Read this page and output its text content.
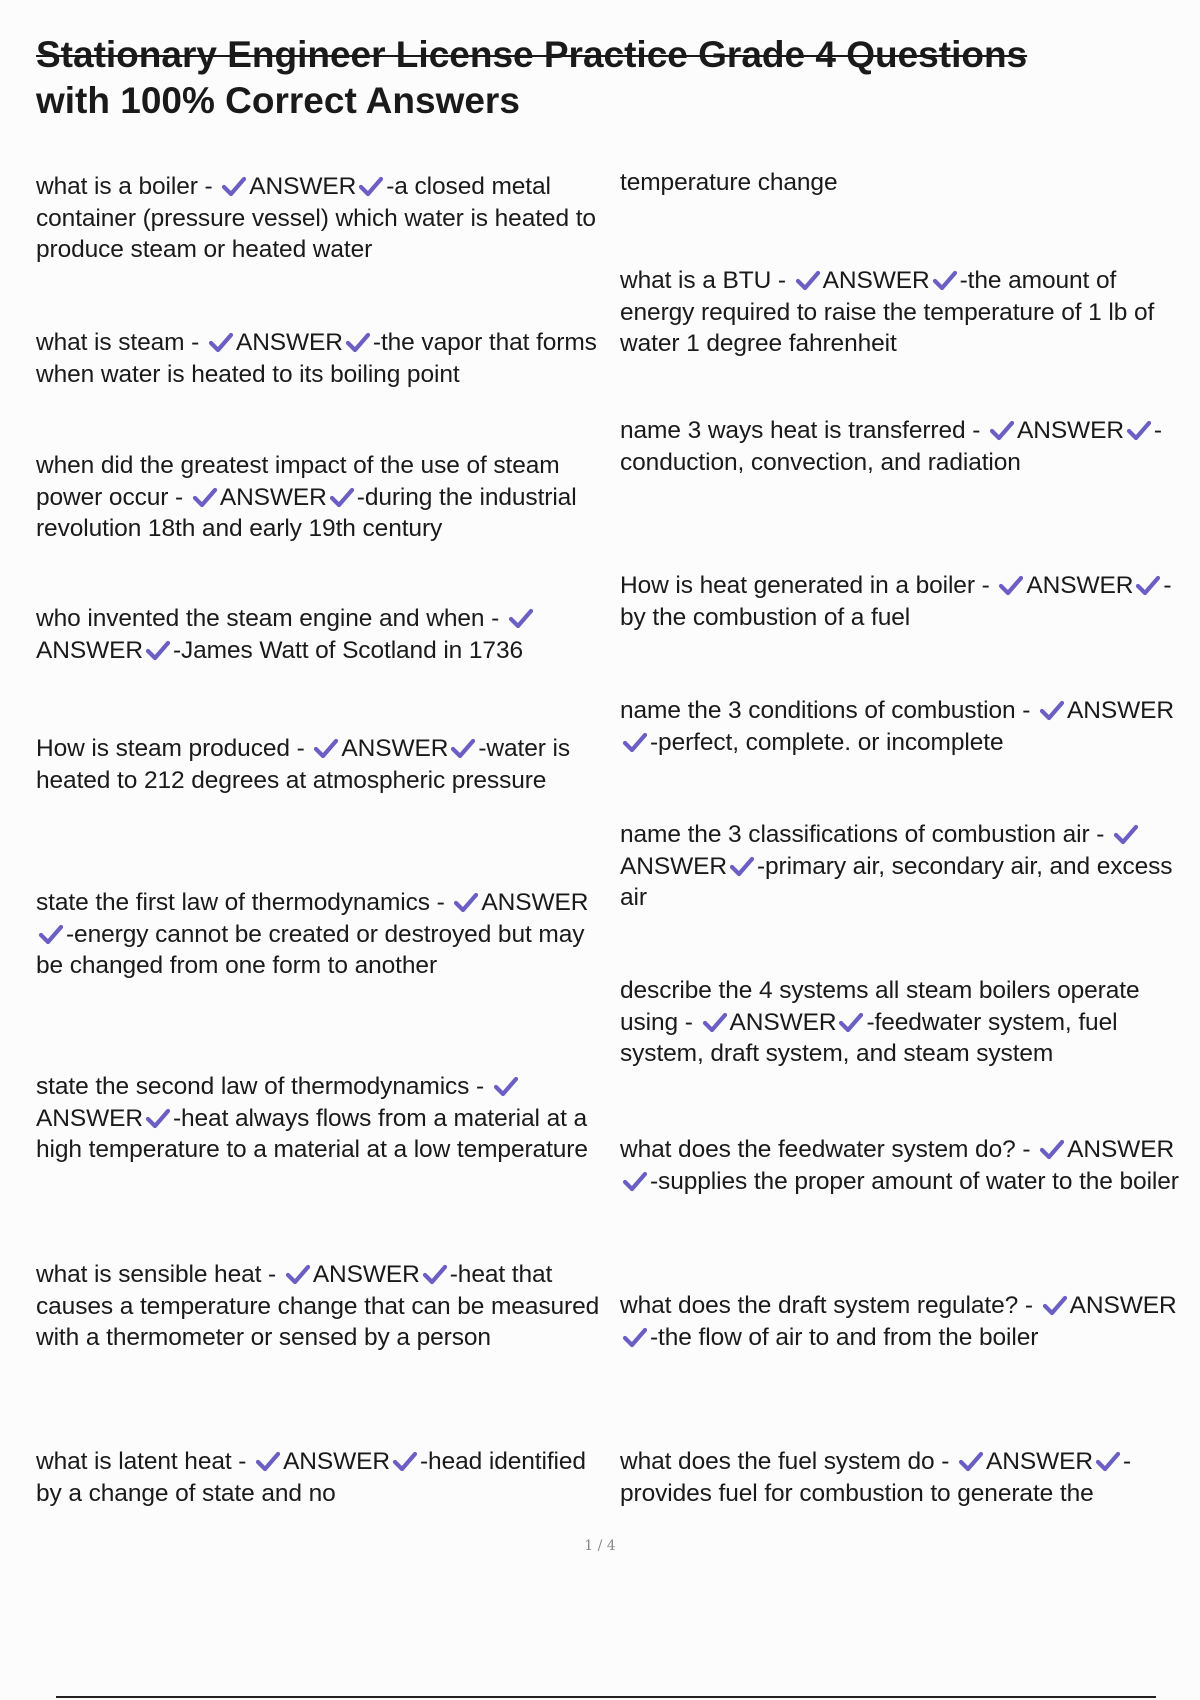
Stationary Engineer License Practice Grade 4 Questions
with 100% Correct Answers
what is a boiler -
ANSWER -a closed metal container (pressure vessel) which water is heated to produce steam or heated water
what is steam -
ANSWER -the vapor that forms when water is heated to its boiling point
when did the greatest impact of the use of steam power occur -
ANSWER -during the industrial revolution 18th and early 19th century
who invented the steam engine and when -
ANSWER -James Watt of Scotland in 1736
How is steam produced -
ANSWER -water is heated to 212 degrees at atmospheric pressure
state the first law of thermodynamics -
ANSWER
-energy cannot be created or destroyed but may be changed from one form to another
state the second law of thermodynamics -
ANSWER -heat always flows from a material at a high temperature to a material at a low temperature
what is sensible heat -
ANSWER -heat that causes a temperature change that can be measured with a thermometer or sensed by a person
what is latent heat -
ANSWER -head identified by a change of state and no
temperature change
what is a BTU -
ANSWER -the amount of energy required to raise the temperature of 1 lb of water 1 degree fahrenheit
name 3 ways heat is transferred -
ANSWER -conduction, convection, and radiation
How is heat generated in a boiler -
ANSWER -by the combustion of a fuel
name the 3 conditions of combustion -
ANSWER
-perfect, complete. or incomplete
name the 3 classifications of combustion air -
ANSWER -primary air, secondary air, and excess air
describe the 4 systems all steam boilers operate using -
ANSWER -feedwater system, fuel system, draft system, and steam system
what does the feedwater system do? -
ANSWER
-supplies the proper amount of water to the boiler
what does the draft system regulate? -
ANSWER
-the flow of air to and from the boiler
what does the fuel system do -
ANSWER -provides fuel for combustion to generate the
1 / 4
